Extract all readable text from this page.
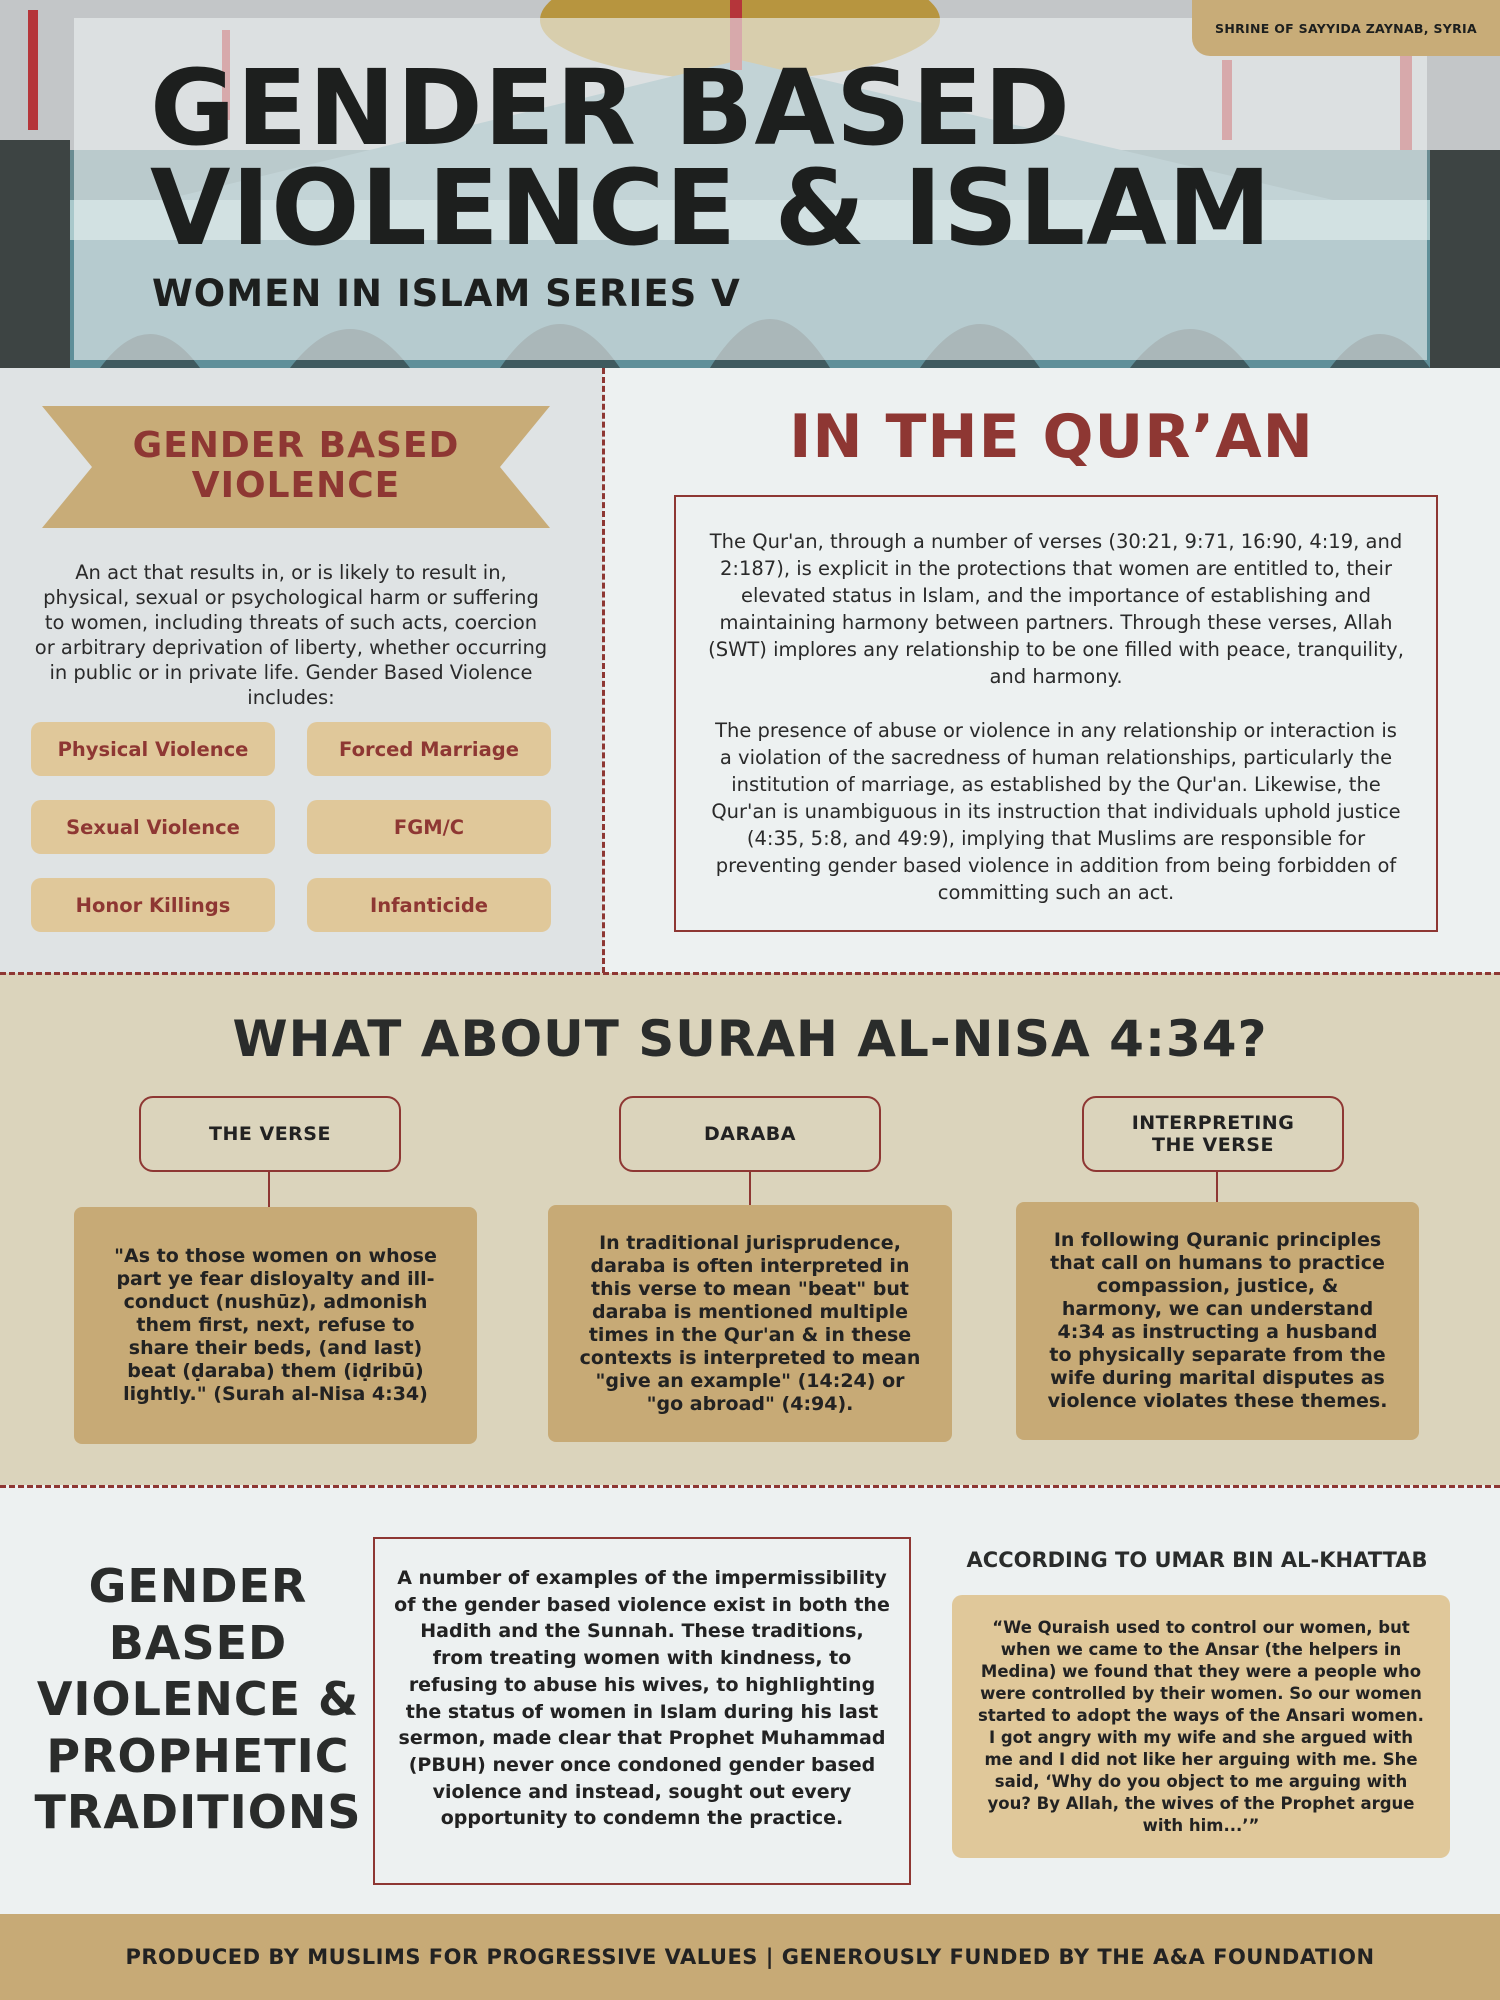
SHRINE OF SAYYIDA ZAYNAB, SYRIA
GENDER BASED
VIOLENCE & ISLAM
WOMEN IN ISLAM SERIES V
GENDER BASED
VIOLENCE
An act that results in, or is likely to result in, physical, sexual or psychological harm or suffering to women, including threats of such acts, coercion or arbitrary deprivation of liberty, whether occurring in public or in private life. Gender Based Violence includes:
Physical Violence	Forced Marriage
Sexual Violence	FGM/C
Honor Killings	Infanticide
IN THE QUR’AN

The Qur'an, through a number of verses (30:21, 9:71, 16:90, 4:19, and 2:187), is explicit in the protections that women are entitled to, their elevated status in Islam, and the importance of establishing and maintaining harmony between partners. Through these verses, Allah (SWT) implores any relationship to be one filled with peace, tranquility, and harmony.

The presence of abuse or violence in any relationship or interaction is a violation of the sacredness of human relationships, particularly the institution of marriage, as established by the Qur'an. Likewise, the Qur'an is unambiguous in its instruction that individuals uphold justice (4:35, 5:8, and 49:9), implying that Muslims are responsible for preventing gender based violence in addition from being forbidden of committing such an act.

WHAT ABOUT SURAH AL-NISA 4:34?
THE VERSE
"As to those women on whose part ye fear disloyalty and ill-conduct (nushūz), admonish them first, next, refuse to share their beds, (and last) beat (ḍaraba) them (iḍribū) lightly." (Surah al-Nisa 4:34)
DARABA
In traditional jurisprudence, daraba is often interpreted in this verse to mean "beat" but daraba is mentioned multiple times in the Qur'an & in these contexts is interpreted to mean "give an example" (14:24) or "go abroad" (4:94).
INTERPRETING THE VERSE
In following Quranic principles that call on humans to practice compassion, justice, & harmony, we can understand 4:34 as instructing a husband to physically separate from the wife during marital disputes as violence violates these themes.
GENDER
BASED
VIOLENCE &
PROPHETIC
TRADITIONS
A number of examples of the impermissibility of the gender based violence exist in both the Hadith and the Sunnah. These traditions, from treating women with kindness, to refusing to abuse his wives, to highlighting the status of women in Islam during his last sermon, made clear that Prophet Muhammad (PBUH) never once condoned gender based violence and instead, sought out every opportunity to condemn the practice.
ACCORDING TO UMAR BIN AL-KHATTAB
“We Quraish used to control our women, but when we came to the Ansar (the helpers in Medina) we found that they were a people who were controlled by their women. So our women started to adopt the ways of the Ansari women. I got angry with my wife and she argued with me and I did not like her arguing with me. She said, ‘Why do you object to me arguing with you? By Allah, the wives of the Prophet argue with him...’”
PRODUCED BY MUSLIMS FOR PROGRESSIVE VALUES | GENEROUSLY FUNDED BY THE A&A FOUNDATION
